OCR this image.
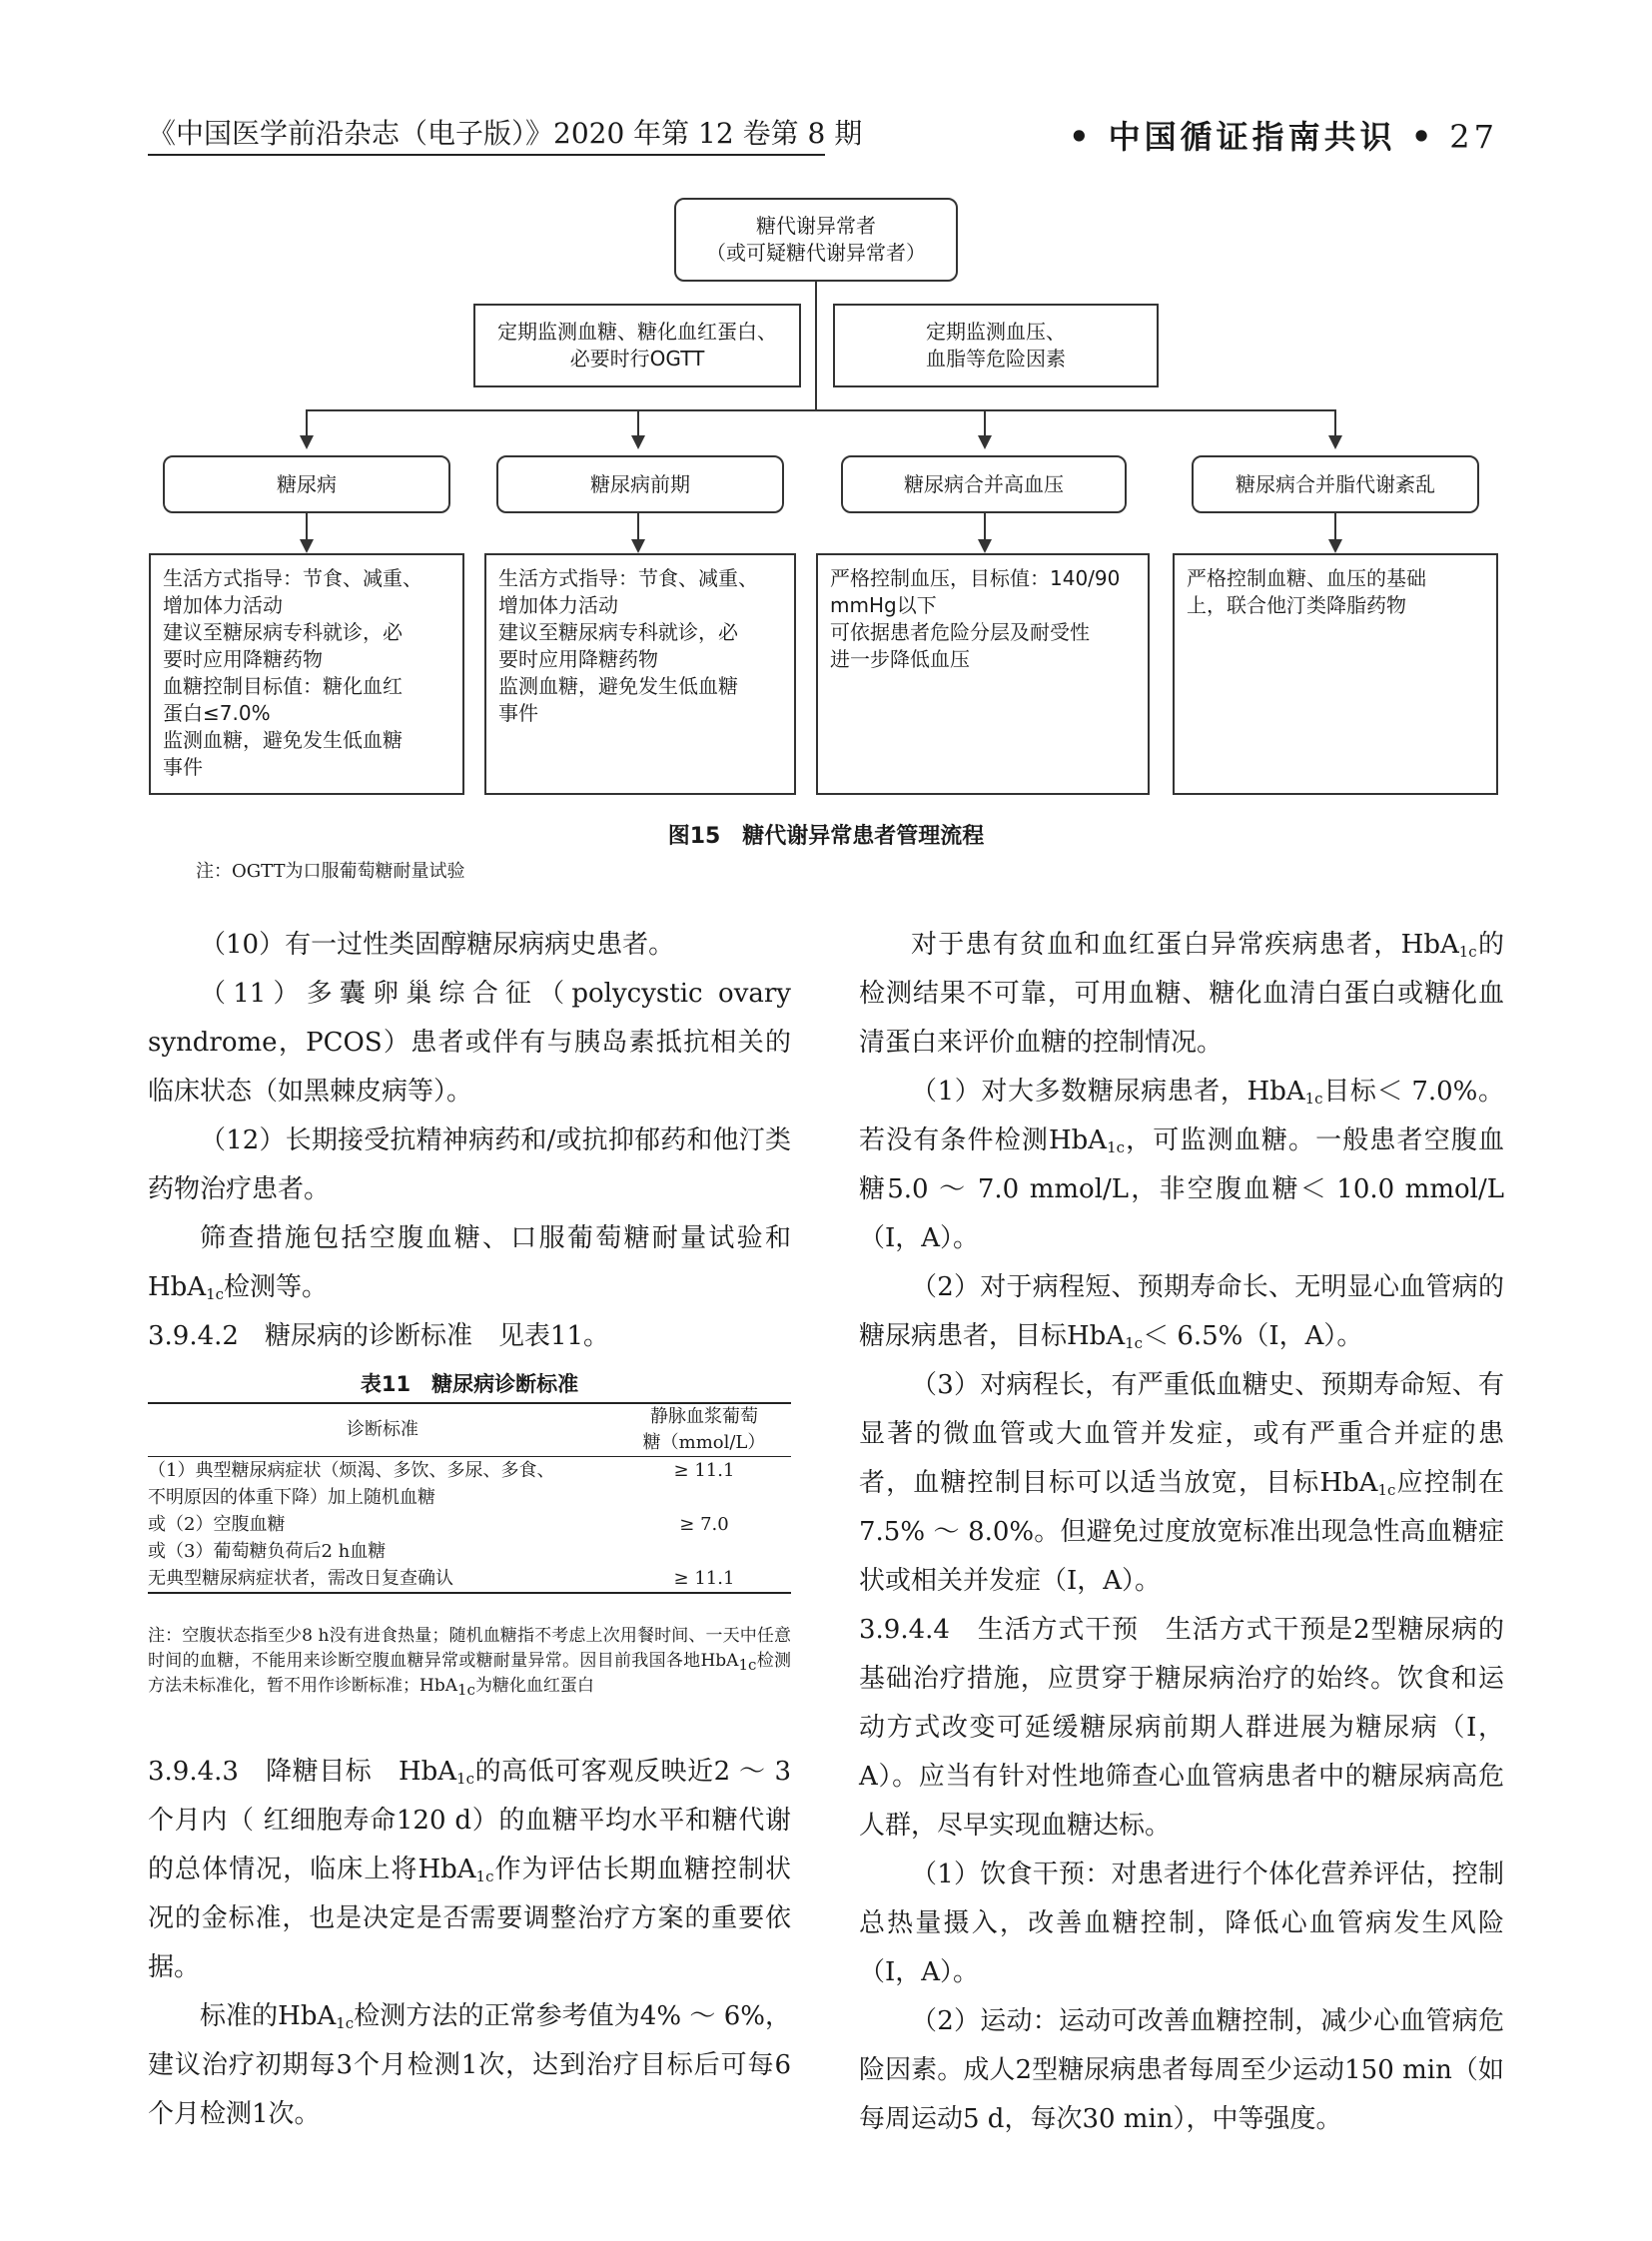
《中国医学前沿杂志（电子版）》2020 年第 12 卷第 8 期	• 中国循证指南共识 • 27
糖代谢异常者
（或可疑糖代谢异常者）
定期监测血糖、糖化血红蛋白、
必要时行OGTT
定期监测血压、
血脂等危险因素
糖尿病	糖尿病前期	糖尿病合并高血压	糖尿病合并脂代谢紊乱
生活方式指导：节食、减重、
增加体力活动
建议至糖尿病专科就诊，必
要时应用降糖药物
血糖控制目标值：糖化血红
蛋白≤7.0%
监测血糖，避免发生低血糖
事件
生活方式指导：节食、减重、
增加体力活动
建议至糖尿病专科就诊，必
要时应用降糖药物
监测血糖，避免发生低血糖
事件
严格控制血压，目标值：140/90
mmHg以下
可依据患者危险分层及耐受性
进一步降低血压
严格控制血糖、血压的基础
上，联合他汀类降脂药物
图15　糖代谢异常患者管理流程
注：OGTT为口服葡萄糖耐量试验

（10）有一过性类固醇糖尿病病史患者。

（11）多囊卵巢综合征（polycystic ovary syndrome，PCOS）患者或伴有与胰岛素抵抗相关的临床状态（如黑棘皮病等）。

（12）长期接受抗精神病药和/或抗抑郁药和他汀类药物治疗患者。

筛查措施包括空腹血糖、口服葡萄糖耐量试验和HbA$_{1c}$检测等。

3.9.4.2　糖尿病的诊断标准　见表11。

表11　糖尿病诊断标准
诊断标准
静脉血浆葡萄
糖（mmol/L）
（1）典型糖尿病症状（烦渴、多饮、多尿、多食、	≥ 11.1
不明原因的体重下降）加上随机血糖
或（2）空腹血糖	≥ 7.0
或（3）葡萄糖负荷后2 h血糖
无典型糖尿病症状者，需改日复查确认	≥ 11.1
注：空腹状态指至少8 h没有进食热量；随机血糖指不考虑上次用餐时间、一天中任意时间的血糖，不能用来诊断空腹血糖异常或糖耐量异常。因目前我国各地HbA$_{1c}$检测方法未标准化，暂不用作诊断标准；HbA$_{1c}$为糖化血红蛋白

3.9.4.3　降糖目标　HbA$_{1c}$的高低可客观反映近2 ～ 3个月内（ 红细胞寿命120 d）的血糖平均水平和糖代谢的总体情况，临床上将HbA$_{1c}$作为评估长期血糖控制状况的金标准，也是决定是否需要调整治疗方案的重要依据。

标准的HbA$_{1c}$检测方法的正常参考值为4% ～ 6%，建议治疗初期每3个月检测1次，达到治疗目标后可每6个月检测1次。

对于患有贫血和血红蛋白异常疾病患者，HbA$_{1c}$的检测结果不可靠，可用血糖、糖化血清白蛋白或糖化血清蛋白来评价血糖的控制情况。

（1）对大多数糖尿病患者，HbA$_{1c}$目标＜ 7.0%。若没有条件检测HbA$_{1c}$，可监测血糖。一般患者空腹血糖5.0 ～ 7.0 mmol/L，非空腹血糖＜ 10.0 mmol/L（Ⅰ，A）。

（2）对于病程短、预期寿命长、无明显心血管病的糖尿病患者，目标HbA$_{1c}$＜ 6.5%（Ⅰ，A）。

（3）对病程长，有严重低血糖史、预期寿命短、有显著的微血管或大血管并发症，或有严重合并症的患者，血糖控制目标可以适当放宽，目标HbA$_{1c}$应控制在7.5% ～ 8.0%。但避免过度放宽标准出现急性高血糖症状或相关并发症（Ⅰ，A）。

3.9.4.4　生活方式干预　生活方式干预是2型糖尿病的基础治疗措施，应贯穿于糖尿病治疗的始终。饮食和运动方式改变可延缓糖尿病前期人群进展为糖尿病（Ⅰ，A）。应当有针对性地筛查心血管病患者中的糖尿病高危人群，尽早实现血糖达标。

（1）饮食干预：对患者进行个体化营养评估，控制总热量摄入，改善血糖控制，降低心血管病发生风险（Ⅰ，A）。

（2）运动：运动可改善血糖控制，减少心血管病危险因素。成人2型糖尿病患者每周至少运动150 min（如每周运动5 d，每次30 min），中等强度。
